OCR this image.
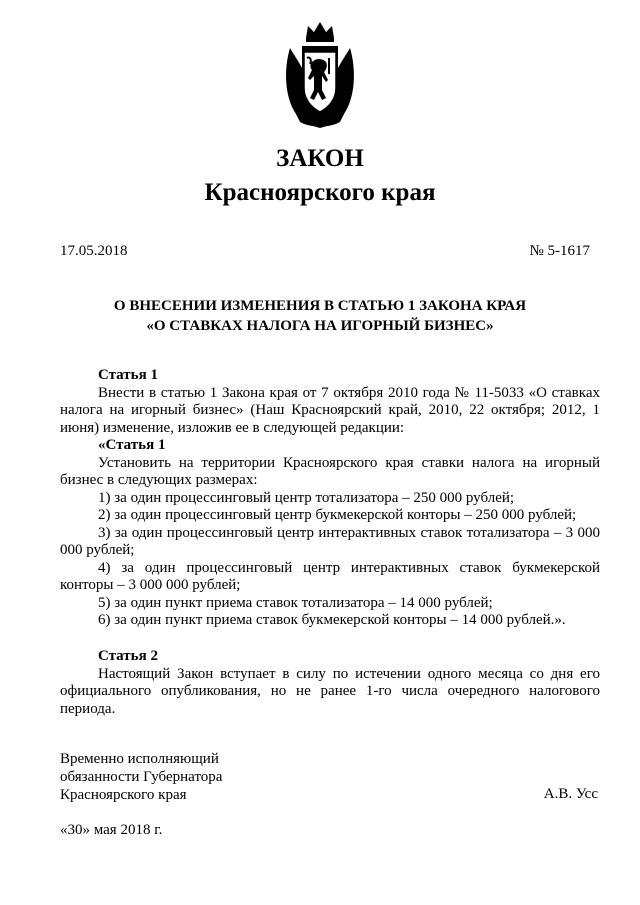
ЗАКОН
Красноярского края
17.05.2018	№ 5-1617
О ВНЕСЕНИИ ИЗМЕНЕНИЯ В СТАТЬЮ 1 ЗАКОНА КРАЯ
«О СТАВКАХ НАЛОГА НА ИГОРНЫЙ БИЗНЕС»
Статья 1

Внести в статью 1 Закона края от 7 октября 2010 года № 11-5033 «О ставках налога на игорный бизнес» (Наш Красноярский край, 2010, 22 октября; 2012, 1 июня) изменение, изложив ее в следующей редакции:

«Статья 1

Установить на территории Красноярского края ставки налога на игорный бизнес в следующих размерах:

1) за один процессинговый центр тотализатора – 250 000 рублей;

2) за один процессинговый центр букмекерской конторы – 250 000 рублей;

3) за один процессинговый центр интерактивных ставок тотализатора – 3 000 000 рублей;

4) за один процессинговый центр интерактивных ставок букмекерской конторы – 3 000 000 рублей;

5) за один пункт приема ставок тотализатора – 14 000 рублей;

6) за один пункт приема ставок букмекерской конторы – 14 000 рублей.».

Статья 2

Настоящий Закон вступает в силу по истечении одного месяца со дня его официального опубликования, но не ранее 1-го числа очередного налогового периода.

Временно исполняющий
обязанности Губернатора
Красноярского края	А.В. Усс
«30» мая 2018 г.
